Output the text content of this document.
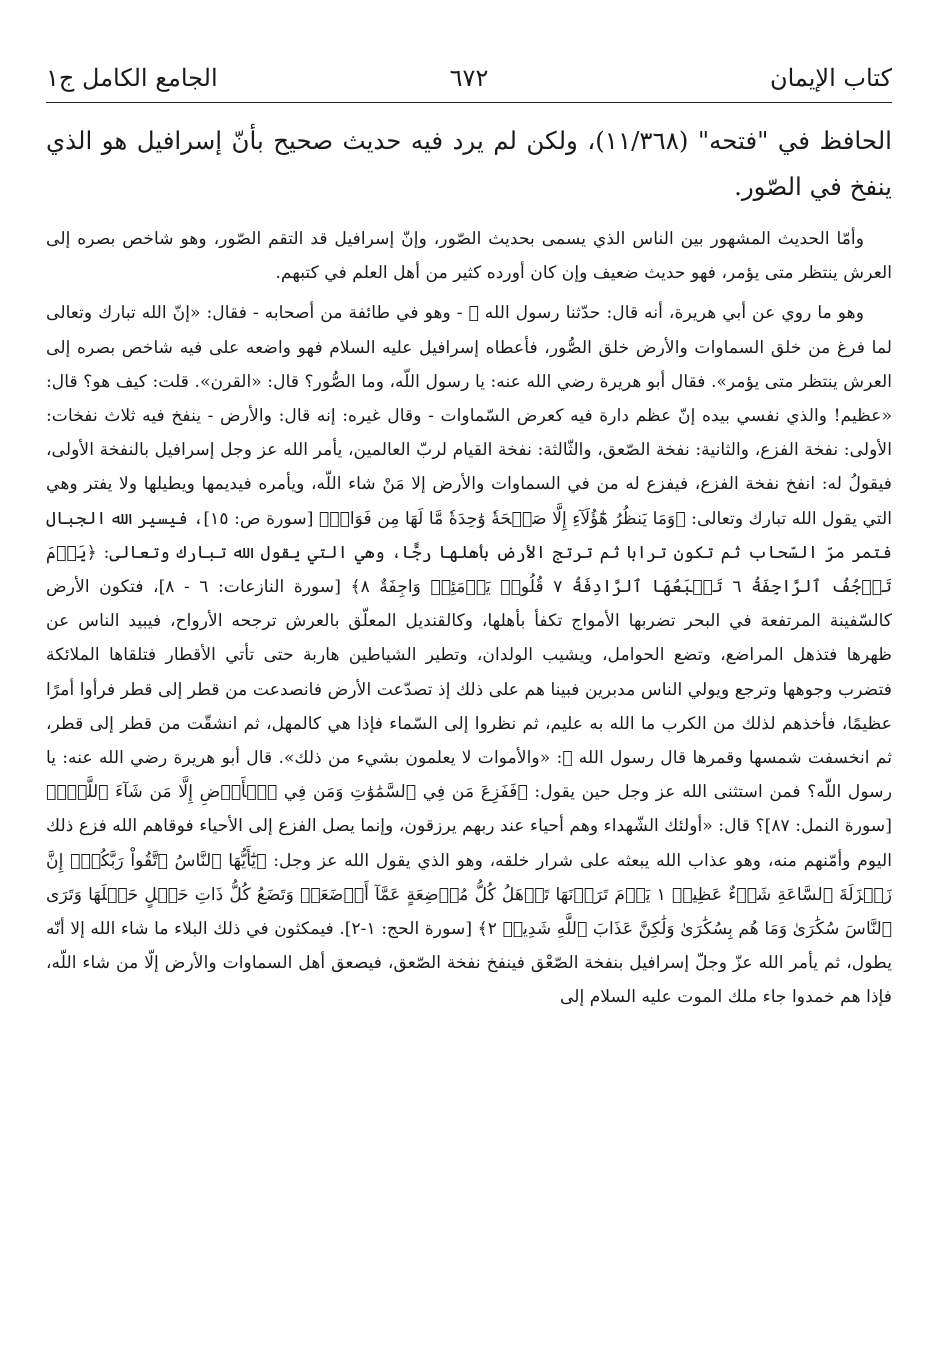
كتاب الإيمان
٦٧٢
الجامع الكامل ج١
الحافظ في "فتحه" (١١/٣٦٨)، ولكن لم يرد فيه حديث صحيح بأنّ إسرافيل هو الذي ينفخ في الصّور.

وأمّا الحديث المشهور بين الناس الذي يسمى بحديث الصّور، وإنّ إسرافيل قد التقم الصّور، وهو شاخص بصره إلى العرش ينتظر متى يؤمر، فهو حديث ضعيف وإن كان أورده كثير من أهل العلم في كتبهم.

وهو ما روي عن أبي هريرة، أنه قال: حدّثنا رسول الله ﷺ - وهو في طائفة من أصحابه - فقال: «إنّ الله تبارك وتعالى لما فرغ من خلق السماوات والأرض خلق الصُّور، فأعطاه إسرافيل عليه السلام فهو واضعه على فيه شاخص بصره إلى العرش ينتظر متى يؤمر». فقال أبو هريرة رضي الله عنه: يا رسول اللّه، وما الصُّور؟ قال: «القرن». قلت: كيف هو؟ قال: «عظيم! والذي نفسي بيده إنّ عظم دارة فيه كعرض السّماوات - وقال غيره: إنه قال: والأرض - ينفخ فيه ثلاث نفخات: الأولى: نفخة الفزع، والثانية: نفخة الصّعق، والثّالثة: نفخة القيام لربّ العالمين، يأمر الله عز وجل إسرافيل بالنفخة الأولى، فيقولُ له: انفخ نفخة الفزع، فيفزع له من في السماوات والأرض إلا مَنْ شاء اللّه، ويأمره فيديمها ويطيلها ولا يفتر وهي التي يقول الله تبارك وتعالى: ﴿وَمَا يَنظُرُ هَٰٓؤُلَآءِ إِلَّا صَيۡحَةٗ وَٰحِدَةٗ مَّا لَهَا مِن فَوَاقٖ﴾ [سورة ص: ١٥]، فيسير الله الجبال فتمر مرّ السّحاب ثم تكون ترابا ثم ترتج الأرض بأهلها رجًّا، وهي التي يقول الله تبارك وتعالى: ﴿يَوۡمَ تَرۡجُفُ ٱلرَّاجِفَةُ ٦ تَتۡبَعُهَا ٱلرَّادِفَةُ ٧ قُلُوبٞ يَوۡمَئِذٖ وَاجِفَةٌ ٨﴾ [سورة النازعات: ٦ - ٨]، فتكون الأرض كالسّفينة المرتفعة في البحر تضربها الأمواج تكفأ بأهلها، وكالقنديل المعلّق بالعرش ترجحه الأرواح، فيبيد الناس عن ظهرها فتذهل المراضع، وتضع الحوامل، ويشيب الولدان، وتطير الشياطين هاربة حتى تأتي الأقطار فتلقاها الملائكة فتضرب وجوهها وترجع ويولي الناس مدبرين فبينا هم على ذلك إذ تصدّعت الأرض فانصدعت من قطر إلى قطر فرأوا أمرًا عظيمًا، فأخذهم لذلك من الكرب ما الله به عليم، ثم نظروا إلى السّماء فإذا هي كالمهل، ثم انشقّت من قطر إلى قطر، ثم انخسفت شمسها وقمرها قال رسول الله ﷺ: «والأموات لا يعلمون بشيء من ذلك». قال أبو هريرة رضي الله عنه: يا رسول اللّه؟ فمن استثنى الله عز وجل حين يقول: ﴿فَفَزِعَ مَن فِي ٱلسَّمَٰوَٰتِ وَمَن فِي ٱلۡأَرۡضِ إِلَّا مَن شَآءَ ٱللَّهُۚ﴾ [سورة النمل: ٨٧]؟ قال: «أولئك الشّهداء وهم أحياء عند ربهم يرزقون، وإنما يصل الفزع إلى الأحياء فوقاهم الله فزع ذلك اليوم وأمّنهم منه، وهو عذاب الله يبعثه على شرار خلقه، وهو الذي يقول الله عز وجل: ﴿يَٰٓأَيُّهَا ٱلنَّاسُ ٱتَّقُواْ رَبَّكُمۡۚ إِنَّ زَلۡزَلَةَ ٱلسَّاعَةِ شَيۡءٌ عَظِيمٞ ١ يَوۡمَ تَرَوۡنَهَا تَذۡهَلُ كُلُّ مُرۡضِعَةٍ عَمَّآ أَرۡضَعَتۡ وَتَضَعُ كُلُّ ذَاتِ حَمۡلٍ حَمۡلَهَا وَتَرَى ٱلنَّاسَ سُكَٰرَىٰ وَمَا هُم بِسُكَٰرَىٰ وَلَٰكِنَّ عَذَابَ ٱللَّهِ شَدِيدٞ ٢﴾ [سورة الحج: ١-٢]. فيمكثون في ذلك البلاء ما شاء الله إلا أنّه يطول، ثم يأمر الله عزّ وجلّ إسرافيل بنفخة الصّعْق فينفخ نفخة الصّعق، فيصعق أهل السماوات والأرض إلّا من شاء اللّه، فإذا هم خمدوا جاء ملك الموت عليه السلام إلى
